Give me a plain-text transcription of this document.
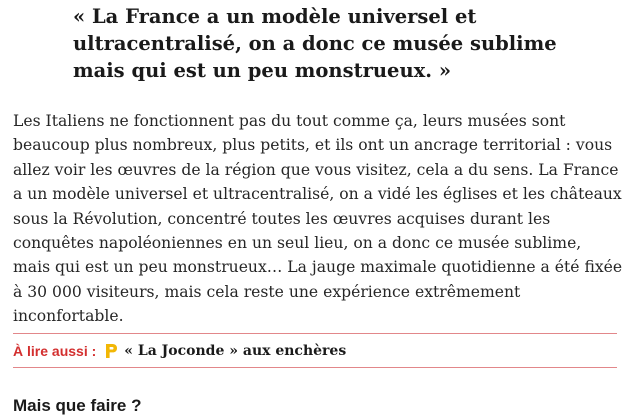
« La France a un modèle universel et ultracentralisé, on a donc ce musée sublime mais qui est un peu monstrueux. »

Les Italiens ne fonctionnent pas du tout comme ça, leurs musées sont beaucoup plus nombreux, plus petits, et ils ont un ancrage territorial : vous allez voir les œuvres de la région que vous visitez, cela a du sens. La France a un modèle universel et ultracentralisé, on a vidé les églises et les châteaux sous la Révolution, concentré toutes les œuvres acquises durant les conquêtes napoléoniennes en un seul lieu, on a donc ce musée sublime, mais qui est un peu monstrueux… La jauge maximale quotidienne a été fixée à 30 000 visiteurs, mais cela reste une expérience extrêmement inconfortable.

À lire aussi : « La Joconde » aux enchères
Mais que faire ?
